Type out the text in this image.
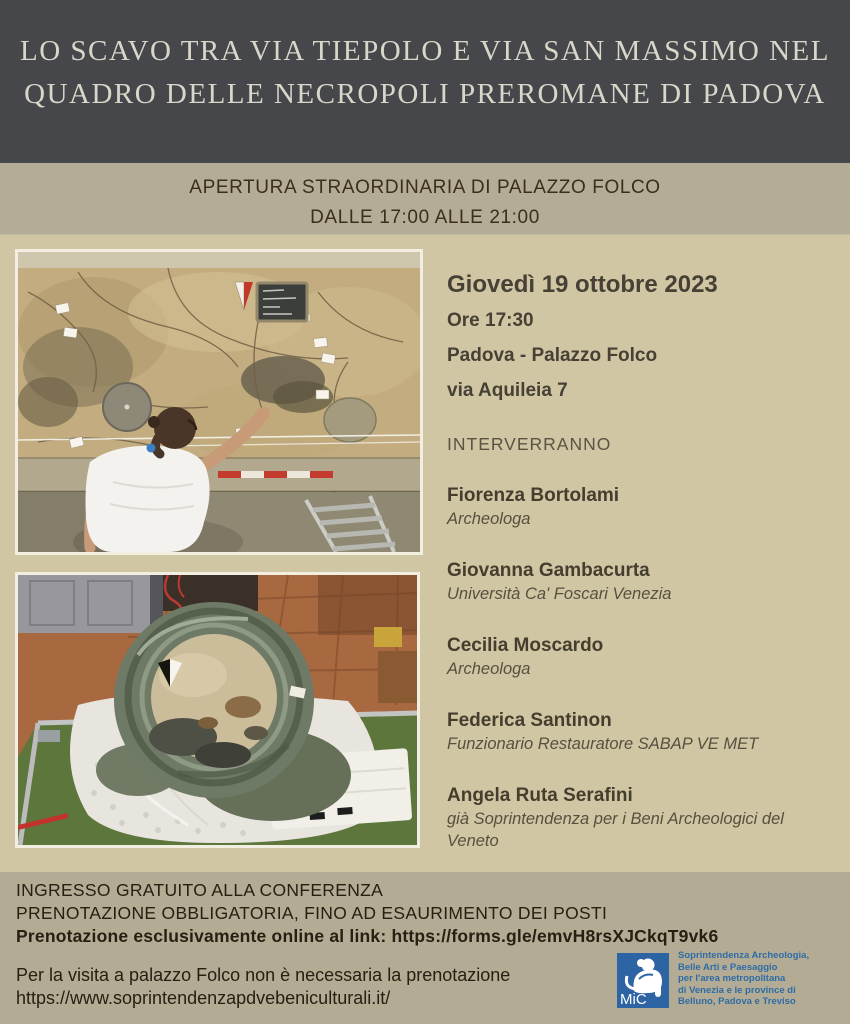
LO SCAVO TRA VIA TIEPOLO E VIA SAN MASSIMO NEL
QUADRO DELLE NECROPOLI PREROMANE DI PADOVA
APERTURA STRAORDINARIA DI PALAZZO FOLCO
DALLE 17:00 ALLE 21:00
Giovedì 19 ottobre 2023
Ore 17:30
Padova - Palazzo Folco
via Aquileia 7
INTERVERRANNO
Fiorenza Bortolami
Archeologa
Giovanna Gambacurta
Università Ca' Foscari Venezia
Cecilia Moscardo
Archeologa
Federica Santinon
Funzionario Restauratore SABAP VE MET
Angela Ruta Serafini
già Soprintendenza per i Beni Archeologici del Veneto
INGRESSO GRATUITO ALLA CONFERENZA
PRENOTAZIONE OBBLIGATORIA, FINO AD ESAURIMENTO DEI POSTI
Prenotazione esclusivamente online al link: https://forms.gle/emvH8rsXJCkqT9vk6
Per la visita a palazzo Folco non è necessaria la prenotazione
https://www.soprintendenzapdvebeniculturali.it/	MiC
Soprintendenza Archeologia,
Belle Arti e Paesaggio
per l'area metropolitana
di Venezia e le province di
Belluno, Padova e Treviso
